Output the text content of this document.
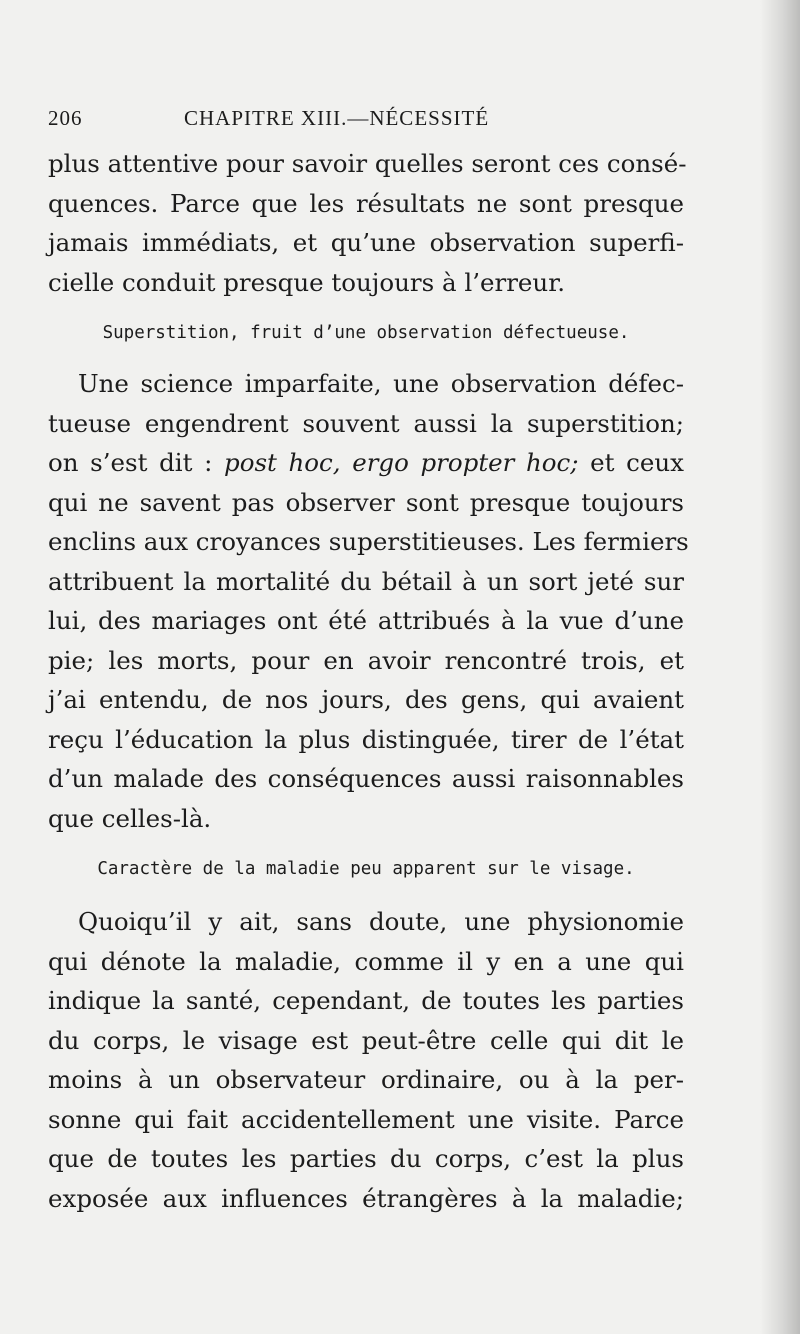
206	CHAPITRE XIII.—NÉCESSITÉ

plus attentive pour savoir quelles seront ces consé-
quences. Parce que les résultats ne sont presque
jamais immédiats, et qu’une observation superfi-
cielle conduit presque toujours à l’erreur.

Superstition, fruit d’une observation défectueuse.

Une science imparfaite, une observation défec-
tueuse engendrent souvent aussi la superstition;
on s’est dit : post hoc, ergo propter hoc; et ceux
qui ne savent pas observer sont presque toujours
enclins aux croyances superstitieuses. Les fermiers
attribuent la mortalité du bétail à un sort jeté sur
lui, des mariages ont été attribués à la vue d’une
pie; les morts, pour en avoir rencontré trois, et
j’ai entendu, de nos jours, des gens, qui avaient
reçu l’éducation la plus distinguée, tirer de l’état
d’un malade des conséquences aussi raisonnables
que celles-là.

Caractère de la maladie peu apparent sur le visage.

Quoiqu’il y ait, sans doute, une physionomie
qui dénote la maladie, comme il y en a une qui
indique la santé, cependant, de toutes les parties
du corps, le visage est peut-être celle qui dit le
moins à un observateur ordinaire, ou à la per-
sonne qui fait accidentellement une visite. Parce
que de toutes les parties du corps, c’est la plus
exposée aux influences étrangères à la maladie;
